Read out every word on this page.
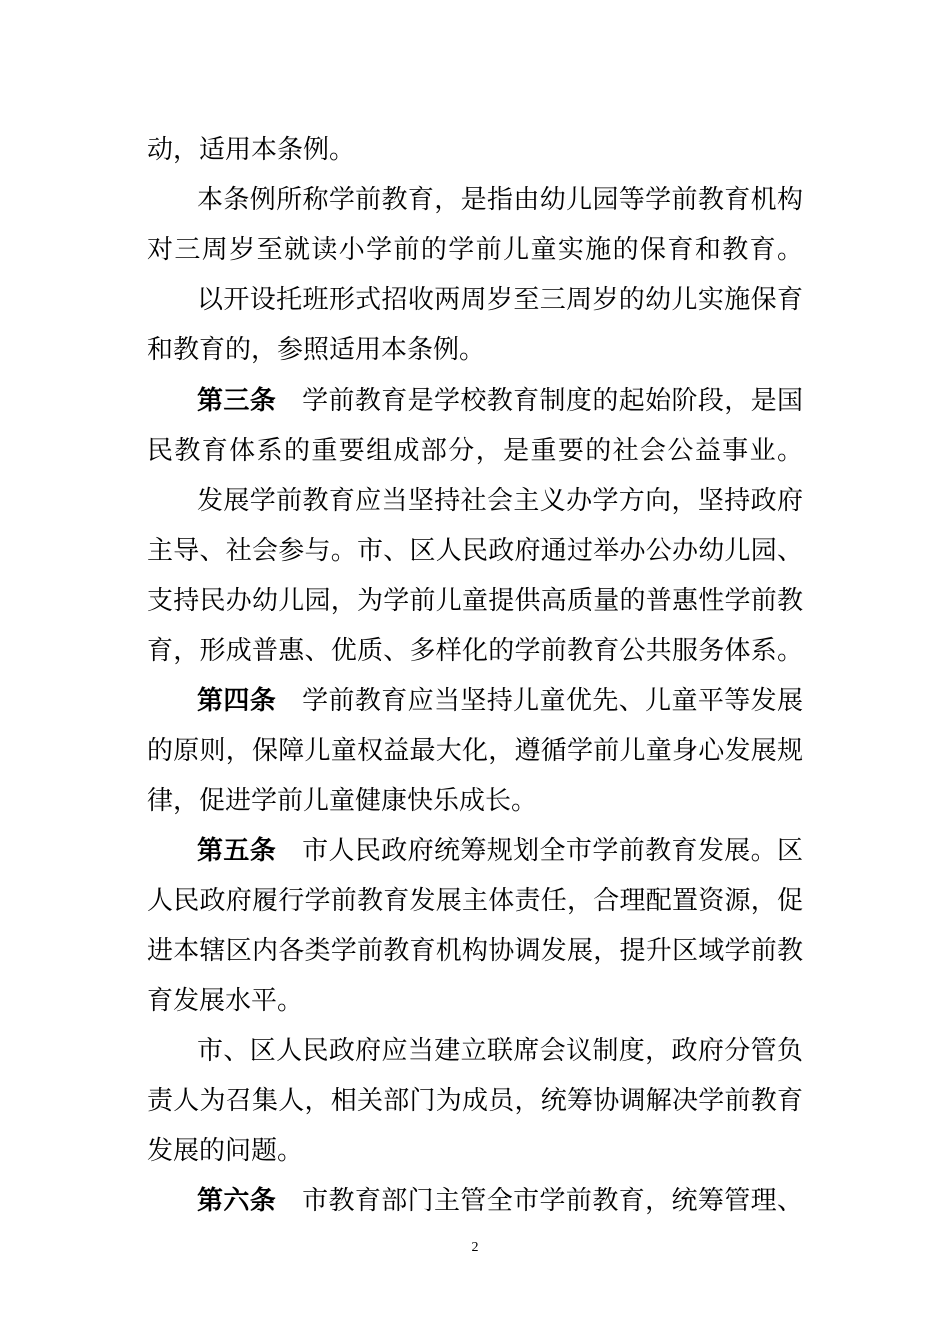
动，适用本条例。
本条例所称学前教育，是指由幼儿园等学前教育机构
对三周岁至就读小学前的学前儿童实施的保育和教育。
以开设托班形式招收两周岁至三周岁的幼儿实施保育
和教育的，参照适用本条例。
第三条 学前教育是学校教育制度的起始阶段，是国
民教育体系的重要组成部分，是重要的社会公益事业。
发展学前教育应当坚持社会主义办学方向，坚持政府
主导、社会参与。市、区人民政府通过举办公办幼儿园、
支持民办幼儿园，为学前儿童提供高质量的普惠性学前教
育，形成普惠、优质、多样化的学前教育公共服务体系。
第四条 学前教育应当坚持儿童优先、儿童平等发展
的原则，保障儿童权益最大化，遵循学前儿童身心发展规
律，促进学前儿童健康快乐成长。
第五条 市人民政府统筹规划全市学前教育发展。区
人民政府履行学前教育发展主体责任，合理配置资源，促
进本辖区内各类学前教育机构协调发展，提升区域学前教
育发展水平。
市、区人民政府应当建立联席会议制度，政府分管负
责人为召集人，相关部门为成员，统筹协调解决学前教育
发展的问题。
第六条 市教育部门主管全市学前教育，统筹管理、
2
